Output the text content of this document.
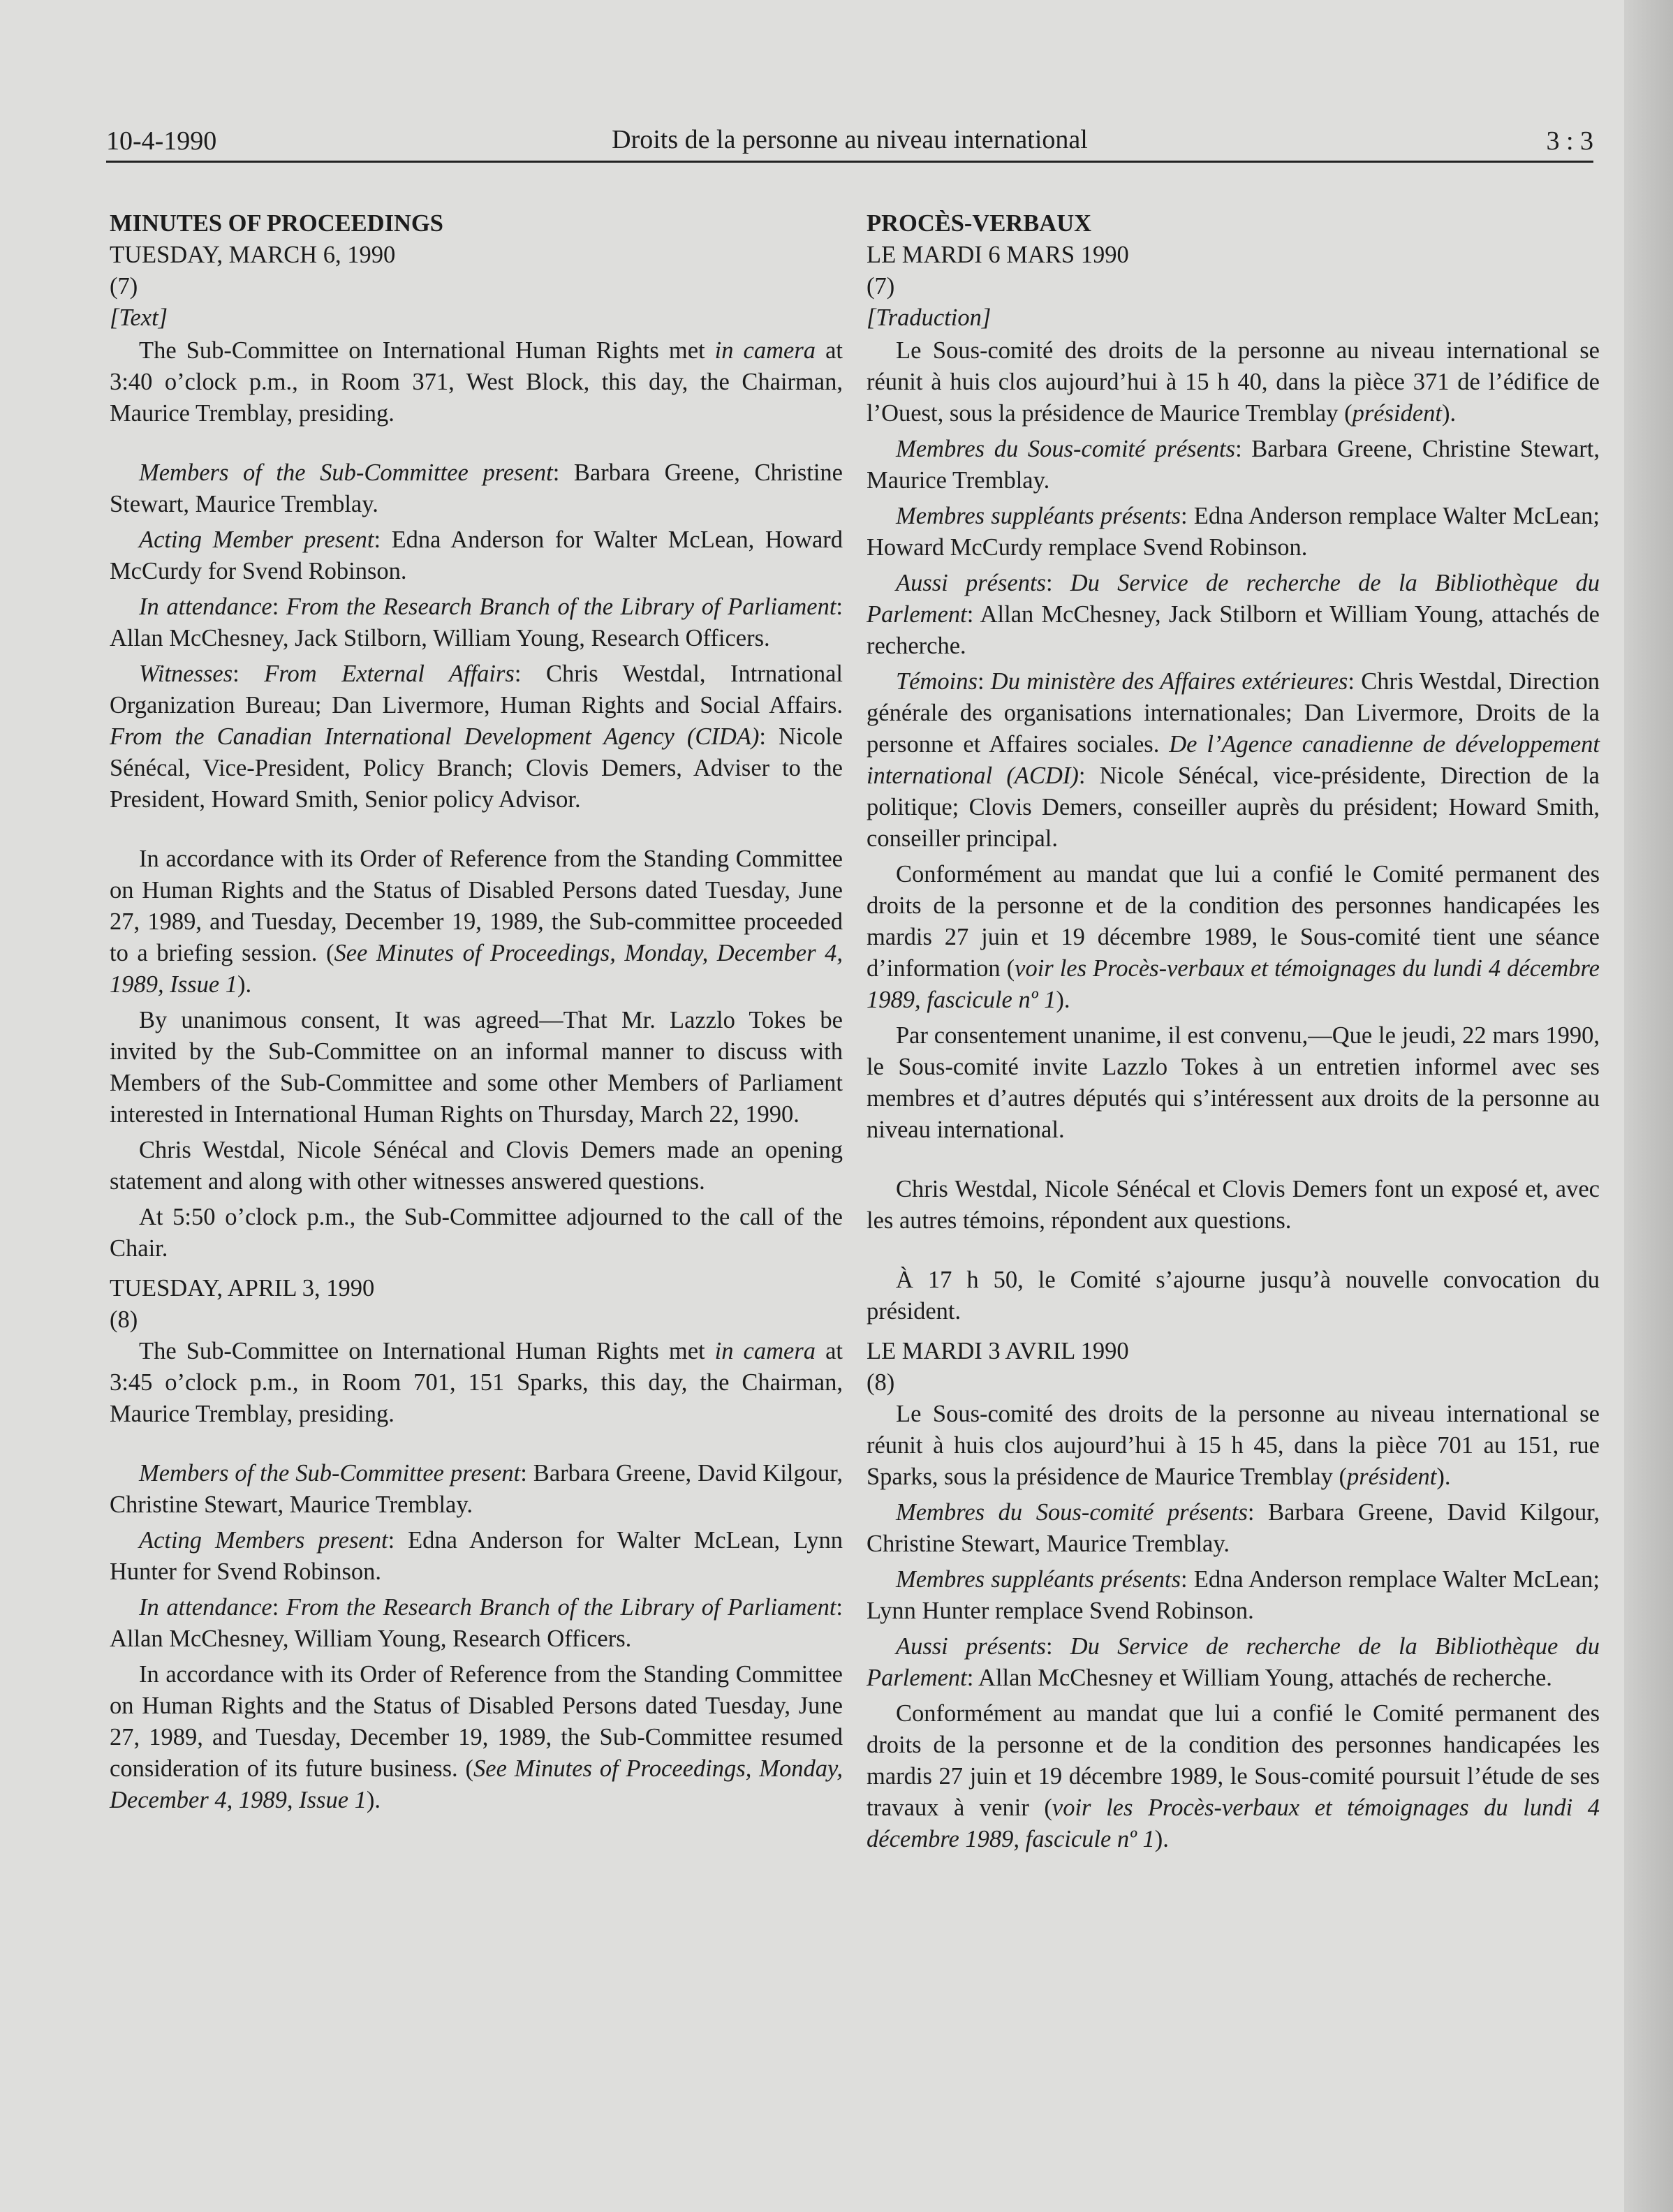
10-4-1990	Droits de la personne au niveau international	3 : 3

MINUTES OF PROCEEDINGS

TUESDAY, MARCH 6, 1990

(7)

[Text]

The Sub-Committee on International Human Rights met in camera at 3:40 o’clock p.m., in Room 371, West Block, this day, the Chairman, Maurice Tremblay, presiding.

Members of the Sub-Committee present: Barbara Greene, Christine Stewart, Maurice Tremblay.

Acting Member present: Edna Anderson for Walter McLean, Howard McCurdy for Svend Robinson.

In attendance: From the Research Branch of the Library of Parliament: Allan McChesney, Jack Stilborn, William Young, Research Officers.

Witnesses: From External Affairs: Chris Westdal, Intrnational Organization Bureau; Dan Livermore, Human Rights and Social Affairs. From the Canadian International Development Agency (CIDA): Nicole Sénécal, Vice-President, Policy Branch; Clovis Demers, Adviser to the President, Howard Smith, Senior policy Advisor.

In accordance with its Order of Reference from the Standing Committee on Human Rights and the Status of Disabled Persons dated Tuesday, June 27, 1989, and Tuesday, December 19, 1989, the Sub-committee proceeded to a briefing session. (See Minutes of Proceedings, Monday, December 4, 1989, Issue 1).

By unanimous consent, It was agreed—That Mr. Lazzlo Tokes be invited by the Sub-Committee on an informal manner to discuss with Members of the Sub-Committee and some other Members of Parliament interested in International Human Rights on Thursday, March 22, 1990.

Chris Westdal, Nicole Sénécal and Clovis Demers made an opening statement and along with other witnesses answered questions.

At 5:50 o’clock p.m., the Sub-Committee adjourned to the call of the Chair.

TUESDAY, APRIL 3, 1990

(8)

The Sub-Committee on International Human Rights met in camera at 3:45 o’clock p.m., in Room 701, 151 Sparks, this day, the Chairman, Maurice Tremblay, presiding.

Members of the Sub-Committee present: Barbara Greene, David Kilgour, Christine Stewart, Maurice Tremblay.

Acting Members present: Edna Anderson for Walter McLean, Lynn Hunter for Svend Robinson.

In attendance: From the Research Branch of the Library of Parliament: Allan McChesney, William Young, Research Officers.

In accordance with its Order of Reference from the Standing Committee on Human Rights and the Status of Disabled Persons dated Tuesday, June 27, 1989, and Tuesday, December 19, 1989, the Sub-Committee resumed consideration of its future business. (See Minutes of Proceedings, Monday, December 4, 1989, Issue 1).

PROCÈS-VERBAUX

LE MARDI 6 MARS 1990

(7)

[Traduction]

Le Sous-comité des droits de la personne au niveau international se réunit à huis clos aujourd’hui à 15 h 40, dans la pièce 371 de l’édifice de l’Ouest, sous la présidence de Maurice Tremblay (président).

Membres du Sous-comité présents: Barbara Greene, Christine Stewart, Maurice Tremblay.

Membres suppléants présents: Edna Anderson remplace Walter McLean; Howard McCurdy remplace Svend Robinson.

Aussi présents: Du Service de recherche de la Bibliothèque du Parlement: Allan McChesney, Jack Stilborn et William Young, attachés de recherche.

Témoins: Du ministère des Affaires extérieures: Chris Westdal, Direction générale des organisations internationales; Dan Livermore, Droits de la personne et Affaires sociales. De l’Agence canadienne de développement international (ACDI): Nicole Sénécal, vice-présidente, Direction de la politique; Clovis Demers, conseiller auprès du président; Howard Smith, conseiller principal.

Conformément au mandat que lui a confié le Comité permanent des droits de la personne et de la condition des personnes handicapées les mardis 27 juin et 19 décembre 1989, le Sous-comité tient une séance d’information (voir les Procès-verbaux et témoignages du lundi 4 décembre 1989, fascicule nº 1).

Par consentement unanime, il est convenu,—Que le jeudi, 22 mars 1990, le Sous-comité invite Lazzlo Tokes à un entretien informel avec ses membres et d’autres députés qui s’intéressent aux droits de la personne au niveau international.

Chris Westdal, Nicole Sénécal et Clovis Demers font un exposé et, avec les autres témoins, répondent aux questions.

À 17 h 50, le Comité s’ajourne jusqu’à nouvelle convocation du président.

LE MARDI 3 AVRIL 1990

(8)

Le Sous-comité des droits de la personne au niveau international se réunit à huis clos aujourd’hui à 15 h 45, dans la pièce 701 au 151, rue Sparks, sous la présidence de Maurice Tremblay (président).

Membres du Sous-comité présents: Barbara Greene, David Kilgour, Christine Stewart, Maurice Tremblay.

Membres suppléants présents: Edna Anderson remplace Walter McLean; Lynn Hunter remplace Svend Robinson.

Aussi présents: Du Service de recherche de la Bibliothèque du Parlement: Allan McChesney et William Young, attachés de recherche.

Conformément au mandat que lui a confié le Comité permanent des droits de la personne et de la condition des personnes handicapées les mardis 27 juin et 19 décembre 1989, le Sous-comité poursuit l’étude de ses travaux à venir (voir les Procès-verbaux et témoignages du lundi 4 décembre 1989, fascicule nº 1).
